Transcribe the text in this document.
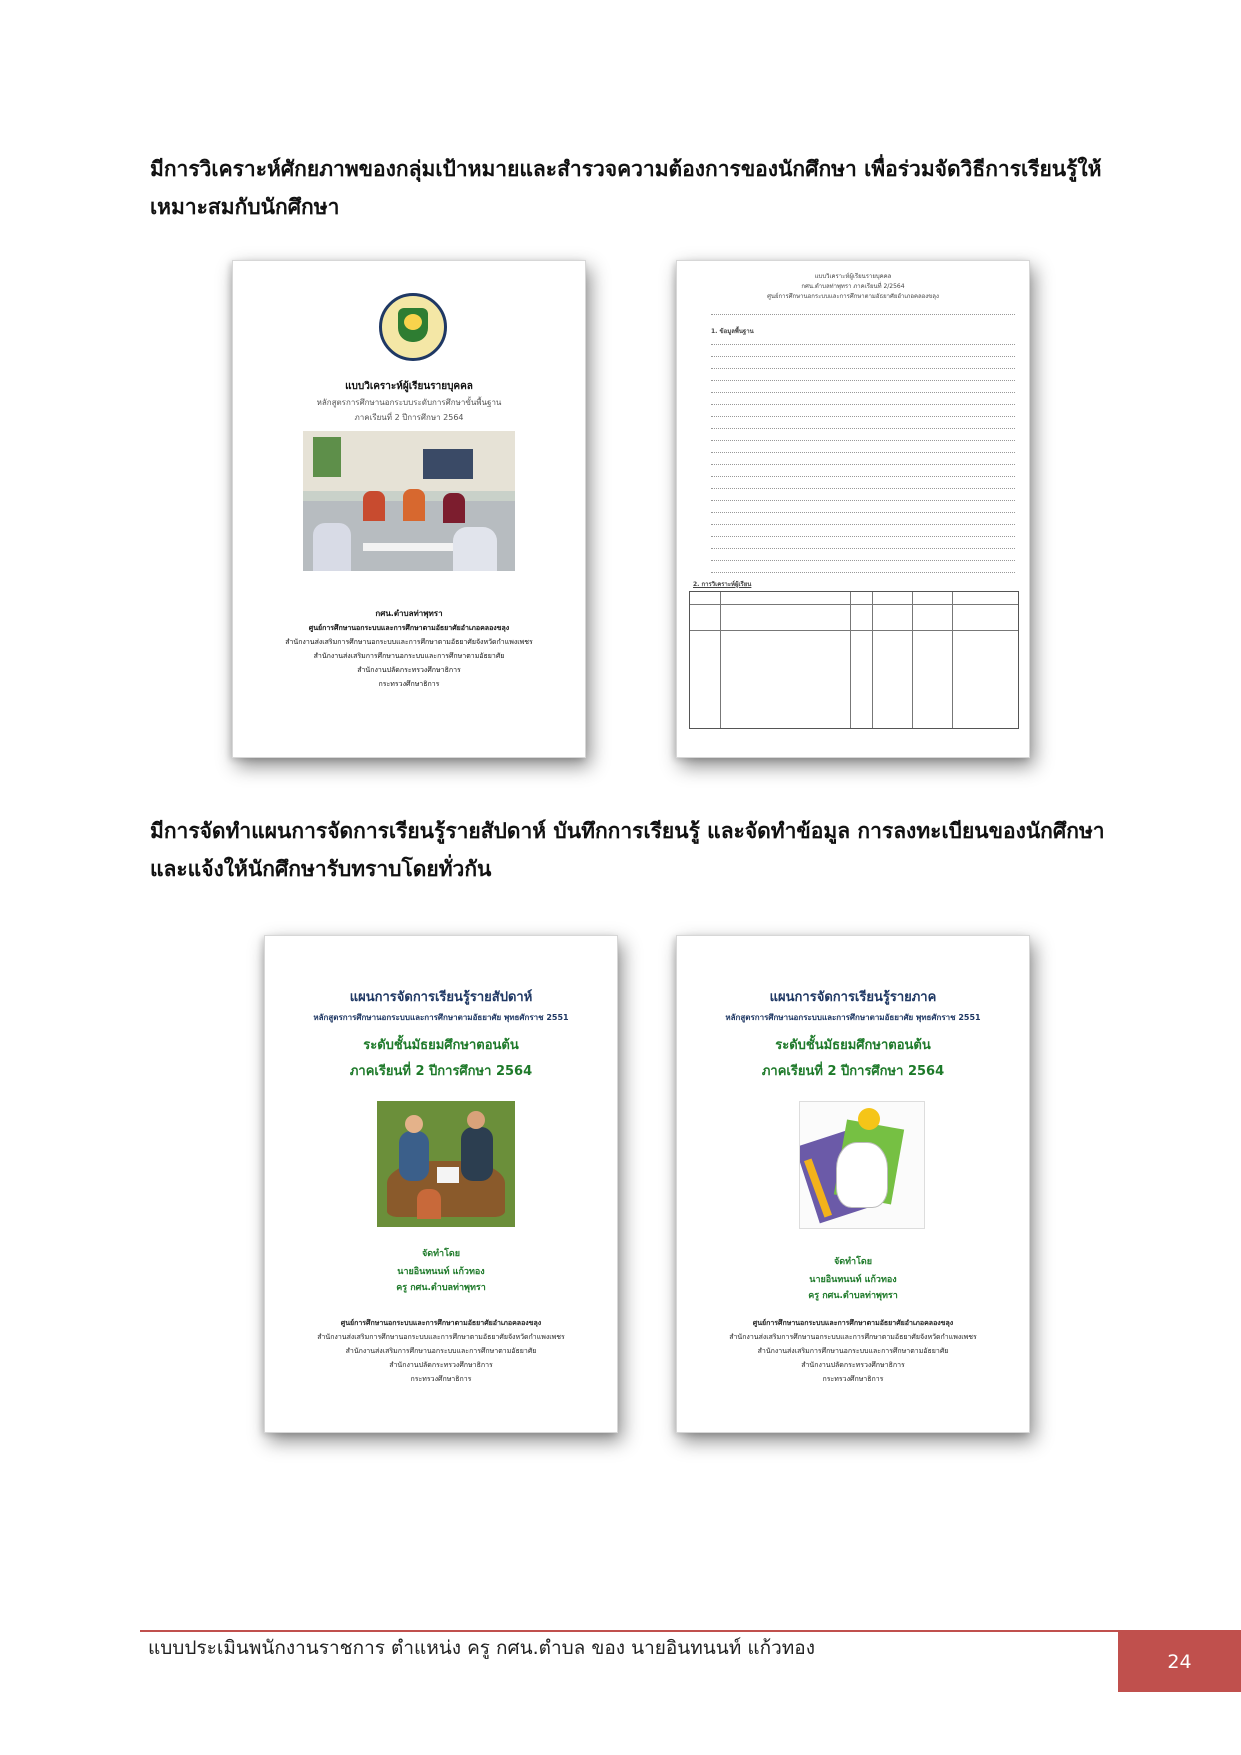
มีการวิเคราะห์ศักยภาพของกลุ่มเป้าหมายและสำรวจความต้องการของนักศึกษา เพื่อร่วมจัดวิธีการเรียนรู้ให้
เหมาะสมกับนักศึกษา

แบบวิเคราะห์ผู้เรียนรายบุคคล
หลักสูตรการศึกษานอกระบบระดับการศึกษาขั้นพื้นฐาน
ภาคเรียนที่ 2 ปีการศึกษา 2564
กศน.ตำบลท่าพุทรา
ศูนย์การศึกษานอกระบบและการศึกษาตามอัธยาศัยอำเภอคลองขลุง
สำนักงานส่งเสริมการศึกษานอกระบบและการศึกษาตามอัธยาศัยจังหวัดกำแพงเพชร
สำนักงานส่งเสริมการศึกษานอกระบบและการศึกษาตามอัธยาศัย
สำนักงานปลัดกระทรวงศึกษาธิการ
กระทรวงศึกษาธิการ
แบบวิเคราะห์ผู้เรียนรายบุคคล
กศน.ตำบลท่าพุทรา ภาคเรียนที่ 2/2564
ศูนย์การศึกษานอกระบบและการศึกษาตามอัธยาศัยอำเภอคลองขลุง
1. ข้อมูลพื้นฐาน
2. การวิเคราะห์ผู้เรียน

มีการจัดทำแผนการจัดการเรียนรู้รายสัปดาห์ บันทึกการเรียนรู้ และจัดทำข้อมูล การลงทะเบียนของนักศึกษา
และแจ้งให้นักศึกษารับทราบโดยทั่วกัน

แผนการจัดการเรียนรู้รายสัปดาห์
หลักสูตรการศึกษานอกระบบและการศึกษาตามอัธยาศัย พุทธศักราช 2551
ระดับชั้นมัธยมศึกษาตอนต้น
ภาคเรียนที่ 2 ปีการศึกษา 2564
จัดทำโดย
นายอินทนนท์ แก้วทอง
ครู กศน.ตำบลท่าพุทรา
ศูนย์การศึกษานอกระบบและการศึกษาตามอัธยาศัยอำเภอคลองขลุง
สำนักงานส่งเสริมการศึกษานอกระบบและการศึกษาตามอัธยาศัยจังหวัดกำแพงเพชร
สำนักงานส่งเสริมการศึกษานอกระบบและการศึกษาตามอัธยาศัย
สำนักงานปลัดกระทรวงศึกษาธิการ
กระทรวงศึกษาธิการ
แผนการจัดการเรียนรู้รายภาค
หลักสูตรการศึกษานอกระบบและการศึกษาตามอัธยาศัย พุทธศักราช 2551
ระดับชั้นมัธยมศึกษาตอนต้น
ภาคเรียนที่ 2 ปีการศึกษา 2564
จัดทำโดย
นายอินทนนท์ แก้วทอง
ครู กศน.ตำบลท่าพุทรา
ศูนย์การศึกษานอกระบบและการศึกษาตามอัธยาศัยอำเภอคลองขลุง
สำนักงานส่งเสริมการศึกษานอกระบบและการศึกษาตามอัธยาศัยจังหวัดกำแพงเพชร
สำนักงานส่งเสริมการศึกษานอกระบบและการศึกษาตามอัธยาศัย
สำนักงานปลัดกระทรวงศึกษาธิการ
กระทรวงศึกษาธิการ
แบบประเมินพนักงานราชการ ตำแหน่ง ครู กศน.ตำบล ของ นายอินทนนท์ แก้วทอง
24
